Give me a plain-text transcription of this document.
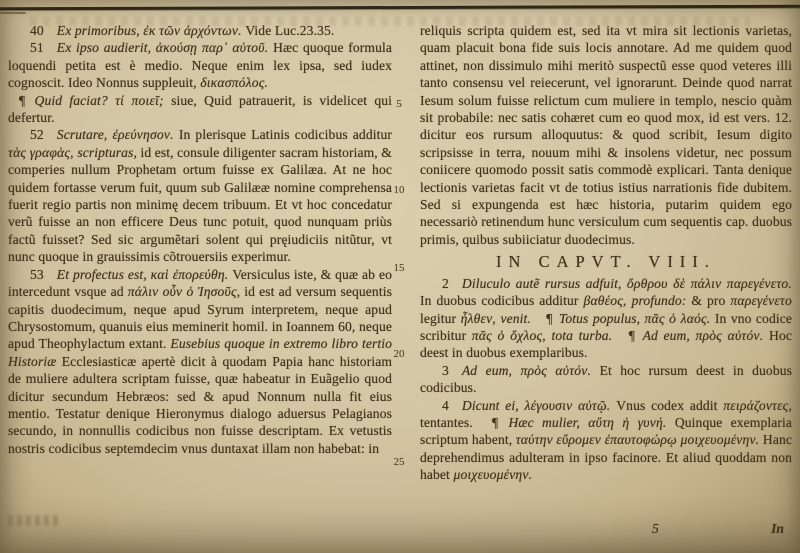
40 Ex primoribus, ἐκ τῶν ἀρχόντων. Vide Luc.23.35.

51 Ex ipso audierit, ἀκούσῃ παρ᾽ αὐτοῦ. Hæc quoque formula loquendi petita est è medio. Neque enim lex ipsa, sed iudex cognoscit. Ideo Nonnus suppleuit, δικασπόλος.

¶ Quid faciat? τί ποιεῖ; siue, Quid patrauerit, is videlicet qui defertur.

52 Scrutare, ἐρεύνησον. In plerisque Latinis codicibus additur τὰς γραφὰς, scripturas, id est, consule diligenter sacram historiam, & comperies nullum Prophetam ortum fuisse ex Galilæa. At ne hoc quidem fortasse verum fuit, quum sub Galilææ nomine comprehensa fuerit regio partis non minimę decem tribuum. Et vt hoc concedatur verũ fuisse an non efficere Deus tunc potuit, quod nunquam priùs factũ fuisset? Sed sic argumẽtari solent qui pręiudiciis nitũtur, vt nunc quoque in grauissimis cõtrouersiis experimur.

53 Et profectus est, καὶ ἐπορεύθη. Versiculus iste, & quæ ab eo intercedunt vsque ad πάλιν οὖν ὁ Ἰησοῦς, id est ad versum sequentis capitis duodecimum, neque apud Syrum interpretem, neque apud Chrysostomum, quanuis eius meminerit homil. in Ioannem 60, neque apud Theophylactum extant. Eusebius quoque in extremo libro tertio Historiæ Ecclesiasticæ apertè dicit à quodam Papia hanc historiam de muliere adultera scriptam fuisse, quæ habeatur in Euãgelio quod dicitur secundum Hebræos: sed & apud Nonnum nulla fit eius mentio. Testatur denique Hieronymus dialogo aduersus Pelagianos secundo, in nonnullis codicibus non fuisse descriptam. Ex vetustis nostris codicibus septemdecim vnus duntaxat illam non habebat: in

reliquis scripta quidem est, sed ita vt mira sit lectionis varietas, quam placuit bona fide suis locis annotare. Ad me quidem quod attinet, non dissimulo mihi meritò suspectũ esse quod veteres illi tanto consensu vel reiecerunt, vel ignorarunt. Deinde quod narrat Iesum solum fuisse relictum cum muliere in templo, nescio quàm sit probabile: nec satis cohæret cum eo quod mox, id est vers. 12. dicitur eos rursum alloquutus: & quod scribit, Iesum digito scripsisse in terra, nouum mihi & insolens videtur, nec possum coniicere quomodo possit satis commodè explicari. Tanta denique lectionis varietas facit vt de totius istius narrationis fide dubitem. Sed si expungenda est hæc historia, putarim quidem ego necessariò retinendum hunc versiculum cum sequentis cap. duobus primis, quibus subiiciatur duodecimus.

IN CAPVT. VIII.

2 Diluculo autẽ rursus adfuit, ὄρθρου δὲ πάλιν παρεγένετο. In duobus codicibus additur βαθέος, profundo: & pro παρεγένετο legitur ἦλθεν, venit. ¶ Totus populus, πᾶς ὁ λαός. In vno codice scribitur πᾶς ὁ ὄχλος, tota turba. ¶ Ad eum, πρὸς αὐτόν. Hoc deest in duobus exemplaribus.

3 Ad eum, πρὸς αὐτόν. Et hoc rursum deest in duobus codicibus.

4 Dicunt ei, λέγουσιν αὐτῷ. Vnus codex addit πειράζοντες, tentantes. ¶ Hæc mulier, αὕτη ἡ γυνή. Quinque exemplaria scriptum habent, ταύτην εὕρομεν ἐπαυτοφώρῳ μοιχευομένην. Hanc deprehendimus adulteram in ipso facinore. Et aliud quoddam non habet μοιχευομένην.

5
10
15
20
25
5	In
